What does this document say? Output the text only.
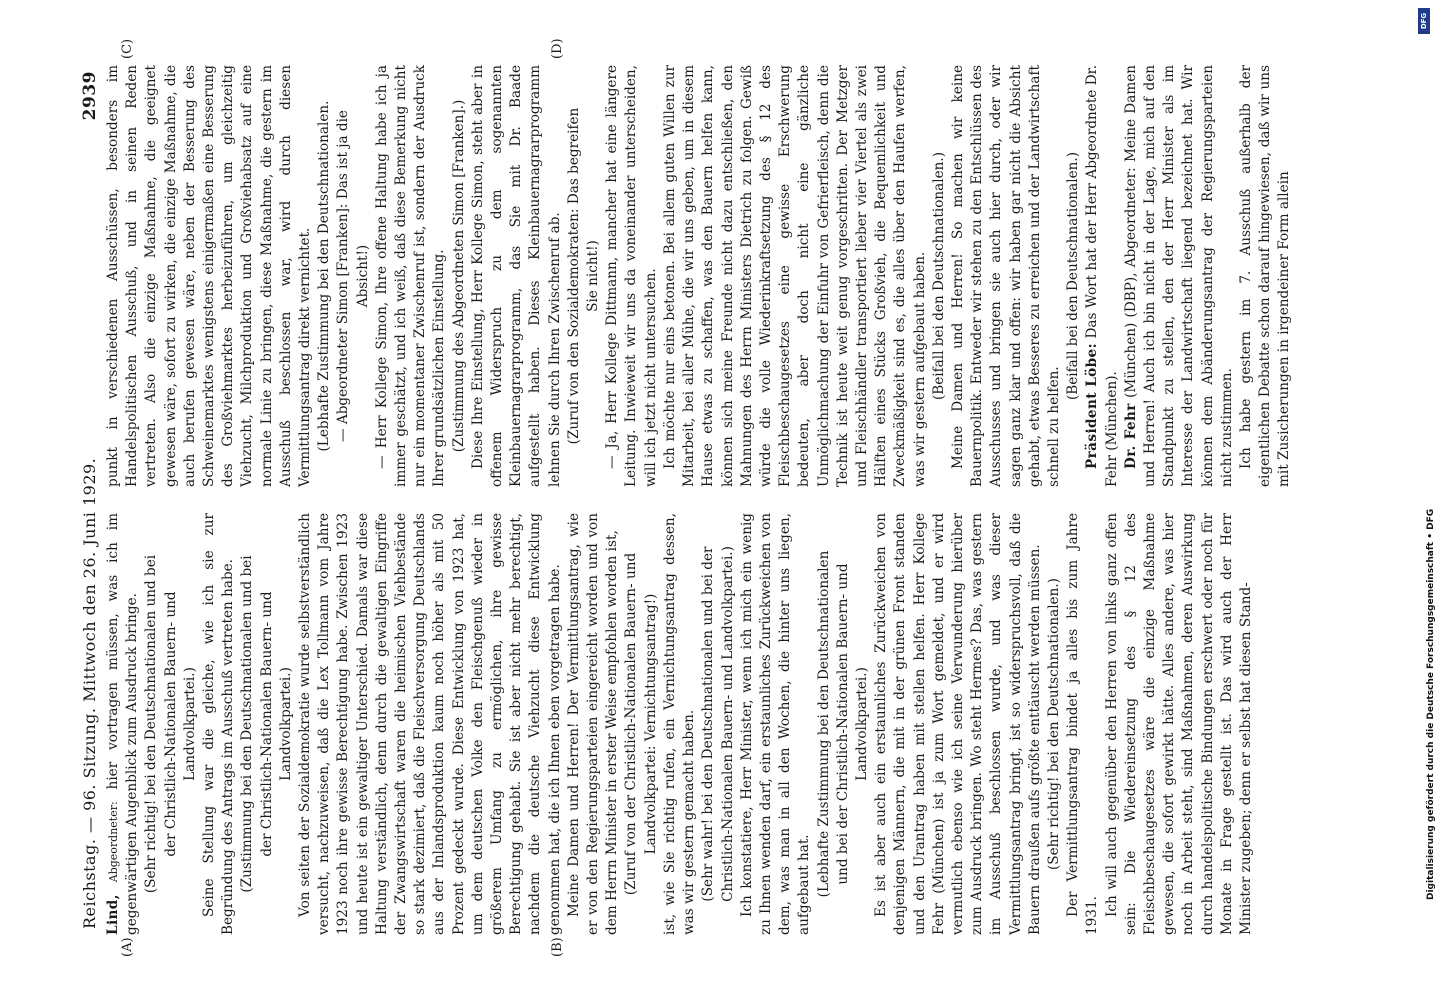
Reichstag. — 96. Sitzung. Mittwoch den 26. Juni 1929.
2939

Lind, Abgeordneter: hier vortragen müssen, was ich im gegenwärtigen Augenblick zum Ausdruck bringe. (Sehr richtig! bei den Deutschnationalen und bei der Christlich-Nationalen Bauern- und Landvolkpartei.) Seine Stellung war die gleiche, wie ich sie zur Begründung des Antrags im Ausschuß vertreten habe. (Zustimmung bei den Deutschnationalen und bei der Christlich-Nationalen Bauern- und Landvolkpartei.) Von seiten der Sozialdemokratie wurde selbstverständlich versucht, nachzuweisen, daß die Lex Tollmann vom Jahre 1923 noch ihre gewisse Berechtigung habe. Zwischen 1923 und heute ist ein gewaltiger Unterschied. Damals war diese Haltung verständlich, denn durch die gewaltigen Eingriffe der Zwangswirtschaft waren die heimischen Viehbestände so stark dezimiert, daß die Fleischversorgung Deutschlands aus der Inlandsproduktion kaum noch höher als mit 50 Prozent gedeckt wurde. Diese Entwicklung von 1923 hat, um dem deutschen Volke den Fleischgenuß wieder in größerem Umfang zu ermöglichen, ihre gewisse Berechtigung gehabt. Sie ist aber nicht mehr berechtigt, nachdem die deutsche Viehzucht diese Entwicklung genommen hat, die ich Ihnen eben vorgetragen habe. Meine Damen und Herren! Der Vermittlungsantrag, wie er von den Regierungsparteien eingereicht worden und von dem Herrn Minister in erster Weise empfohlen worden ist, (Zuruf von der Christlich-Nationalen Bauern- und Landvolkpartei: Vernichtungsantrag!) ist, wie Sie richtig rufen, ein Vernichtungsantrag dessen, was wir gestern gemacht haben. (Sehr wahr! bei den Deutschnationalen und bei der Christlich-Nationalen Bauern- und Landvolkpartei.) Ich konstatiere, Herr Minister, wenn ich mich ein wenig zu Ihnen wenden darf, ein erstaunliches Zurückweichen von dem, was man in all den Wochen, die hinter uns liegen, aufgebaut hat. (Lebhafte Zustimmung bei den Deutschnationalen und bei der Christlich-Nationalen Bauern- und Landvolkpartei.) Es ist aber auch ein erstaunliches Zurückweichen von denjenigen Männern, die mit in der grünen Front standen und den Urantrag haben mit stellen helfen. Herr Kollege Fehr (München) ist ja zum Wort gemeldet, und er wird vermutlich ebenso wie ich seine Verwunderung hierüber zum Ausdruck bringen. Wo steht Hermes? Das, was gestern im Ausschuß beschlossen wurde, und was dieser Vermittlungsantrag bringt, ist so widerspruchsvoll, daß die Bauern draußen aufs größte enttäuscht werden müssen. (Sehr richtig! bei den Deutschnationalen.) Der Vermittlungsantrag bindet ja alles bis zum Jahre 1931. Ich will auch gegenüber den Herren von links ganz offen sein: Die Wiedereinsetzung des § 12 des Fleischbeschaugesetzes wäre die einzige Maßnahme gewesen, die sofort gewirkt hätte. Alles andere, was hier noch in Arbeit steht, sind Maßnahmen, deren Auswirkung durch handelspolitische Bindungen erschwert oder noch für Monate in Frage gestellt ist. Das wird auch der Herr Minister zugeben; denn er selbst hat diesen Stand-

punkt in verschiedenen Ausschüssen, besonders im Handelspolitischen Ausschuß, und in seinen Reden vertreten. Also die einzige Maßnahme, die geeignet gewesen wäre, sofort zu wirken, die einzige Maßnahme, die auch berufen gewesen wäre, neben der Besserung des Schweinemarktes wenigstens einigermaßen eine Besserung des Großviehmarktes herbeizuführen, um gleichzeitig Viehzucht, Milchproduktion und Großviehabsatz auf eine normale Linie zu bringen, diese Maßnahme, die gestern im Ausschuß beschlossen war, wird durch diesen Vermittlungsantrag direkt vernichtet. (Lebhafte Zustimmung bei den Deutschnationalen. — Abgeordneter Simon [Franken]: Das ist ja die Absicht!) — Herr Kollege Simon, Ihre offene Haltung habe ich ja immer geschätzt, und ich weiß, daß diese Bemerkung nicht nur ein momentaner Zwischenruf ist, sondern der Ausdruck Ihrer grundsätzlichen Einstellung. (Zustimmung des Abgeordneten Simon [Franken].) Diese Ihre Einstellung, Herr Kollege Simon, steht aber in offenem Widerspruch zu dem sogenannten Kleinbauernagrarprogramm, das Sie mit Dr. Baade aufgestellt haben. Dieses Kleinbauernagrarprogramm lehnen Sie durch Ihren Zwischenruf ab. (Zuruf von den Sozialdemokraten: Das begreifen Sie nicht!) — Ja, Herr Kollege Dittmann, mancher hat eine längere Leitung. Inwieweit wir uns da voneinander unterscheiden, will ich jetzt nicht untersuchen. Ich möchte nur eins betonen. Bei allem guten Willen zur Mitarbeit, bei aller Mühe, die wir uns geben, um in diesem Hause etwas zu schaffen, was den Bauern helfen kann, können sich meine Freunde nicht dazu entschließen, den Mahnungen des Herrn Ministers Dietrich zu folgen. Gewiß würde die volle Wiederinkraftsetzung des § 12 des Fleischbeschaugesetzes eine gewisse Erschwerung bedeuten, aber doch nicht eine gänzliche Unmöglichmachung der Einfuhr von Gefrierfleisch, denn die Technik ist heute weit genug vorgeschritten. Der Metzger und Fleischhändler transportiert lieber vier Viertel als zwei Hälften eines Stücks Großvieh, die Bequemlichkeit und Zweckmäßigkeit sind es, die alles über den Haufen werfen, was wir gestern aufgebaut haben. (Beifall bei den Deutschnationalen.) Meine Damen und Herren! So machen wir keine Bauernpolitik. Entweder wir stehen zu den Entschlüssen des Ausschusses und bringen sie auch hier durch, oder wir sagen ganz klar und offen: wir haben gar nicht die Absicht gehabt, etwas Besseres zu erreichen und der Landwirtschaft schnell zu helfen.

(Beifall bei den Deutschnationalen.)

Präsident Löbe: Das Wort hat der Herr Abgeordnete Dr. Fehr (München). Dr. Fehr (München) (DBP), Abgeordneter: Meine Damen und Herren! Auch ich bin nicht in der Lage, mich auf den Standpunkt zu stellen, den der Herr Minister als im Interesse der Landwirtschaft liegend bezeichnet hat. Wir können dem Abänderungsantrag der Regierungsparteien nicht zustimmen. Ich habe gestern im 7. Ausschuß außerhalb der eigentlichen Debatte schon darauf hingewiesen, daß wir uns mit Zusicherungen in irgendeiner Form allein

(A)	(B)
(C)	(D)
DFG
Digitalisierung gefördert durch die Deutsche Forschungsgemeinschaft • DFG
